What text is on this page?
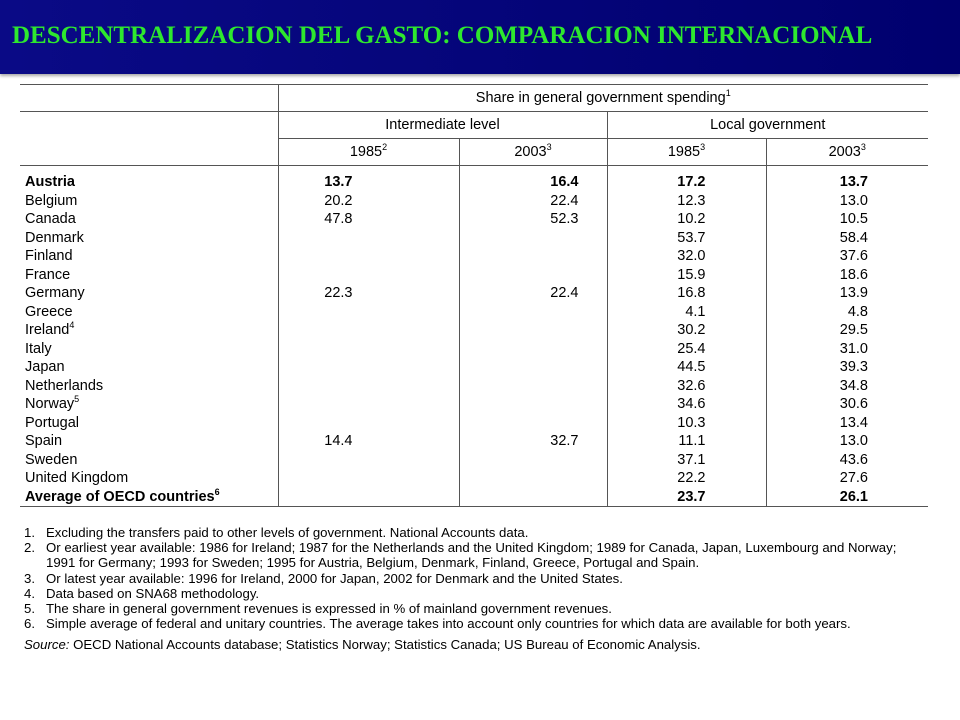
DESCENTRALIZACION DEL GASTO: COMPARACION INTERNACIONAL
	Share in general government spending$^1$
	Intermediate level		Local government	
	1985$^2$	2003$^3$	1985$^3$	2003$^3$
Austria	13.7	16.4	17.2	13.7
Belgium	20.2	22.4	12.3	13.0
Canada	47.8	52.3	10.2	10.5
Denmark			53.7	58.4
Finland			32.0	37.6
France			15.9	18.6
Germany	22.3	22.4	16.8	13.9
Greece			4.1	4.8
Ireland$^4$			30.2	29.5
Italy			25.4	31.0
Japan			44.5	39.3
Netherlands			32.6	34.8
Norway$^5$			34.6	30.6
Portugal			10.3	13.4
Spain	14.4	32.7	11.1	13.0
Sweden			37.1	43.6
United Kingdom			22.2	27.6
Average of OECD countries$^6$			23.7	26.1
1. Excluding the transfers paid to other levels of government. National Accounts data.
2. Or earliest year available: 1986 for Ireland; 1987 for the Netherlands and the United Kingdom; 1989 for Canada, Japan, Luxembourg and Norway; 1991 for Germany; 1993 for Sweden; 1995 for Austria, Belgium, Denmark, Finland, Greece, Portugal and Spain.
3. Or latest year available: 1996 for Ireland, 2000 for Japan, 2002 for Denmark and the United States.
4. Data based on SNA68 methodology.
5. The share in general government revenues is expressed in % of mainland government revenues.
6. Simple average of federal and unitary countries. The average takes into account only countries for which data are available for both years.
Source: OECD National Accounts database; Statistics Norway; Statistics Canada; US Bureau of Economic Analysis.
